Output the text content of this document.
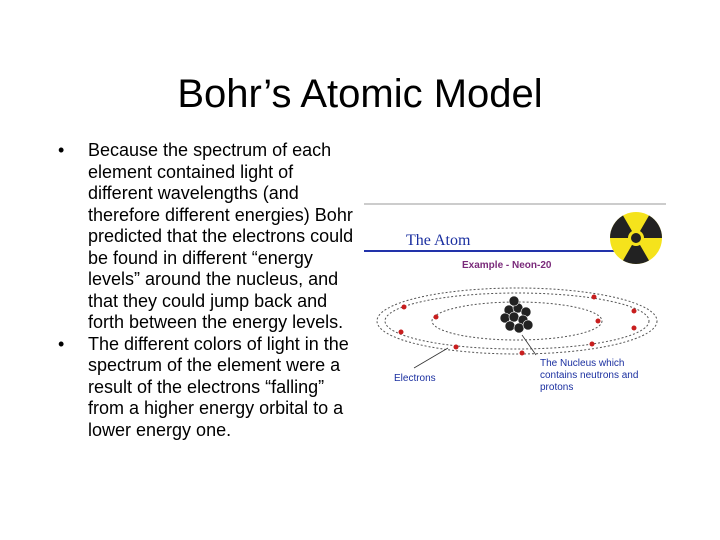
Bohr’s Atomic Model
• Because the spectrum of each element contained light of different wavelengths (and therefore different energies) Bohr predicted that the electrons could be found in different “energy levels” around the nucleus, and that they could jump back and forth between the energy levels.
• The different colors of light in the spectrum of the element were a result of the electrons “falling” from a higher energy orbital to a lower energy one.
The Atom
Example - Neon-20
Electrons
The Nucleus which contains neutrons and protons
